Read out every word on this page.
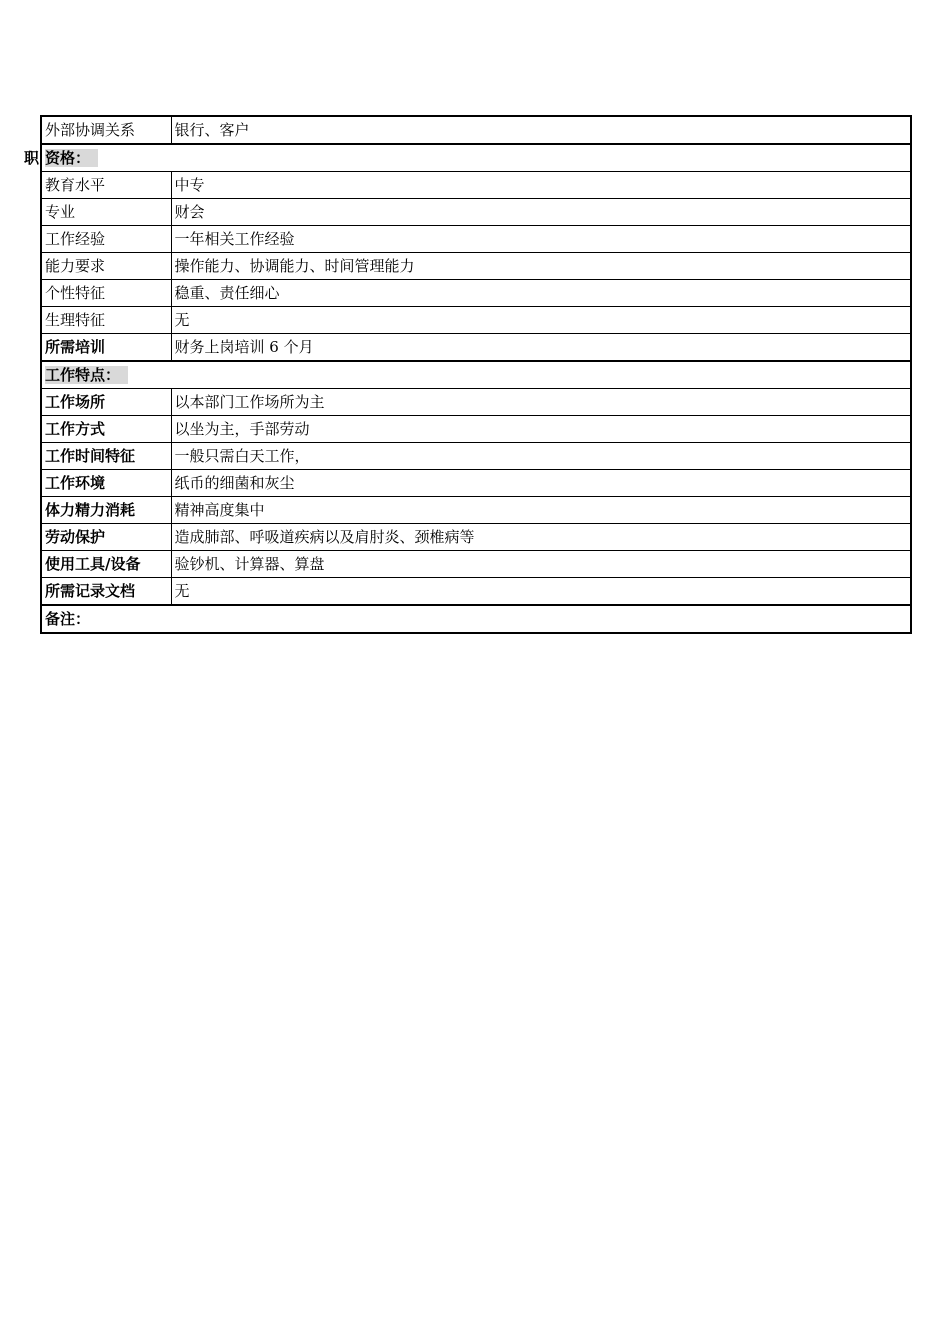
职
外部协调关系	银行、客户
资格：	
教育水平	中专
专业	财会
工作经验	一年相关工作经验
能力要求	操作能力、协调能力、时间管理能力
个性特征	稳重、责任细心
生理特征	无
所需培训	财务上岗培训 6 个月
工作特点：	
工作场所	以本部门工作场所为主
工作方式	以坐为主，手部劳动
工作时间特征	一般只需白天工作，
工作环境	纸币的细菌和灰尘
体力精力消耗	精神高度集中
劳动保护	造成肺部、呼吸道疾病以及肩肘炎、颈椎病等
使用工具/设备	验钞机、计算器、算盘
所需记录文档	无
备注：	
